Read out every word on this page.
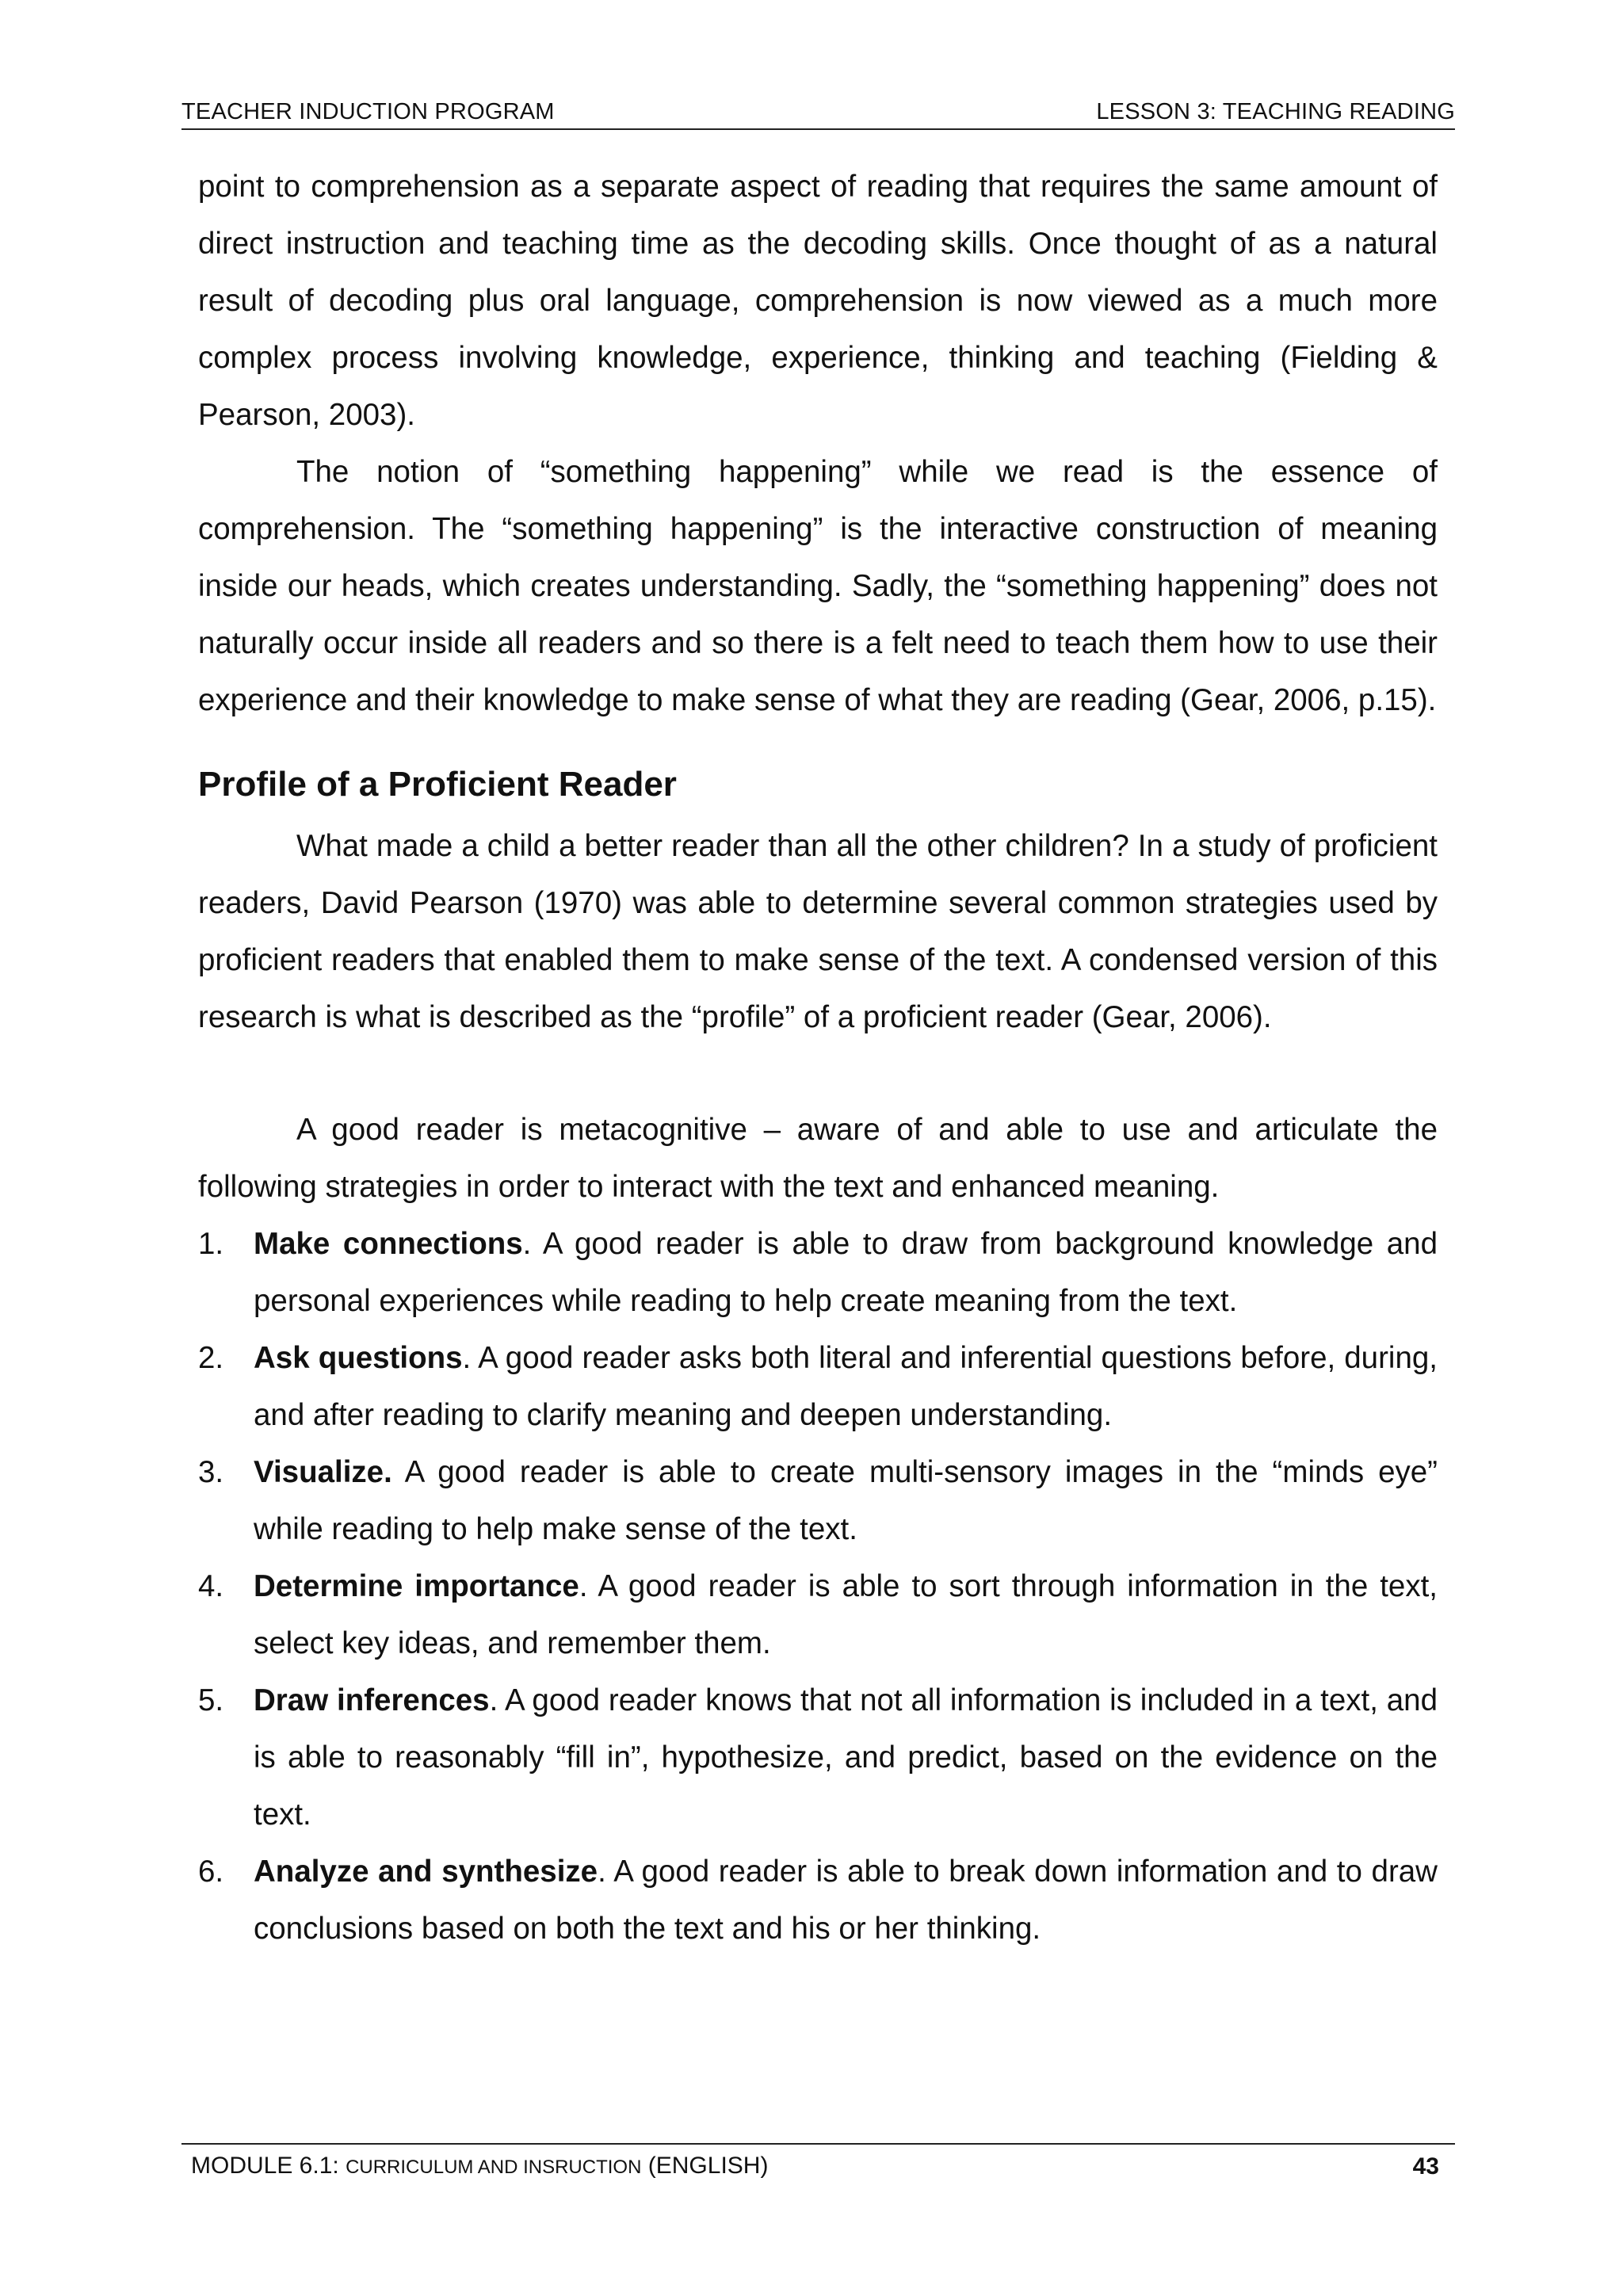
TEACHER INDUCTION PROGRAM	LESSON 3: TEACHING READING

point to comprehension as a separate aspect of reading that requires the same amount of direct instruction and teaching time as the decoding skills. Once thought of as a natural result of decoding plus oral language, comprehension is now viewed as a much more complex process involving knowledge, experience, thinking and teaching (Fielding & Pearson, 2003).

The notion of “something happening” while we read is the essence of comprehension. The “something happening” is the interactive construction of meaning inside our heads, which creates understanding. Sadly, the “something happening” does not naturally occur inside all readers and so there is a felt need to teach them how to use their experience and their knowledge to make sense of what they are reading (Gear, 2006, p.15).

Profile of a Proficient Reader

What made a child a better reader than all the other children? In a study of proficient readers, David Pearson (1970) was able to determine several common strategies used by proficient readers that enabled them to make sense of the text. A condensed version of this research is what is described as the “profile” of a proficient reader (Gear, 2006).

A good reader is metacognitive – aware of and able to use and articulate the following strategies in order to interact with the text and enhanced meaning.

1. Make connections. A good reader is able to draw from background knowledge and personal experiences while reading to help create meaning from the text.
2. Ask questions. A good reader asks both literal and inferential questions before, during, and after reading to clarify meaning and deepen understanding.
3. Visualize. A good reader is able to create multi-sensory images in the “minds eye” while reading to help make sense of the text.
4. Determine importance. A good reader is able to sort through information in the text, select key ideas, and remember them.
5. Draw inferences. A good reader knows that not all information is included in a text, and is able to reasonably “fill in”, hypothesize, and predict, based on the evidence on the text.
6. Analyze and synthesize. A good reader is able to break down information and to draw conclusions based on both the text and his or her thinking.
MODULE 6.1: CURRICULUM AND INSRUCTION (ENGLISH)	43
